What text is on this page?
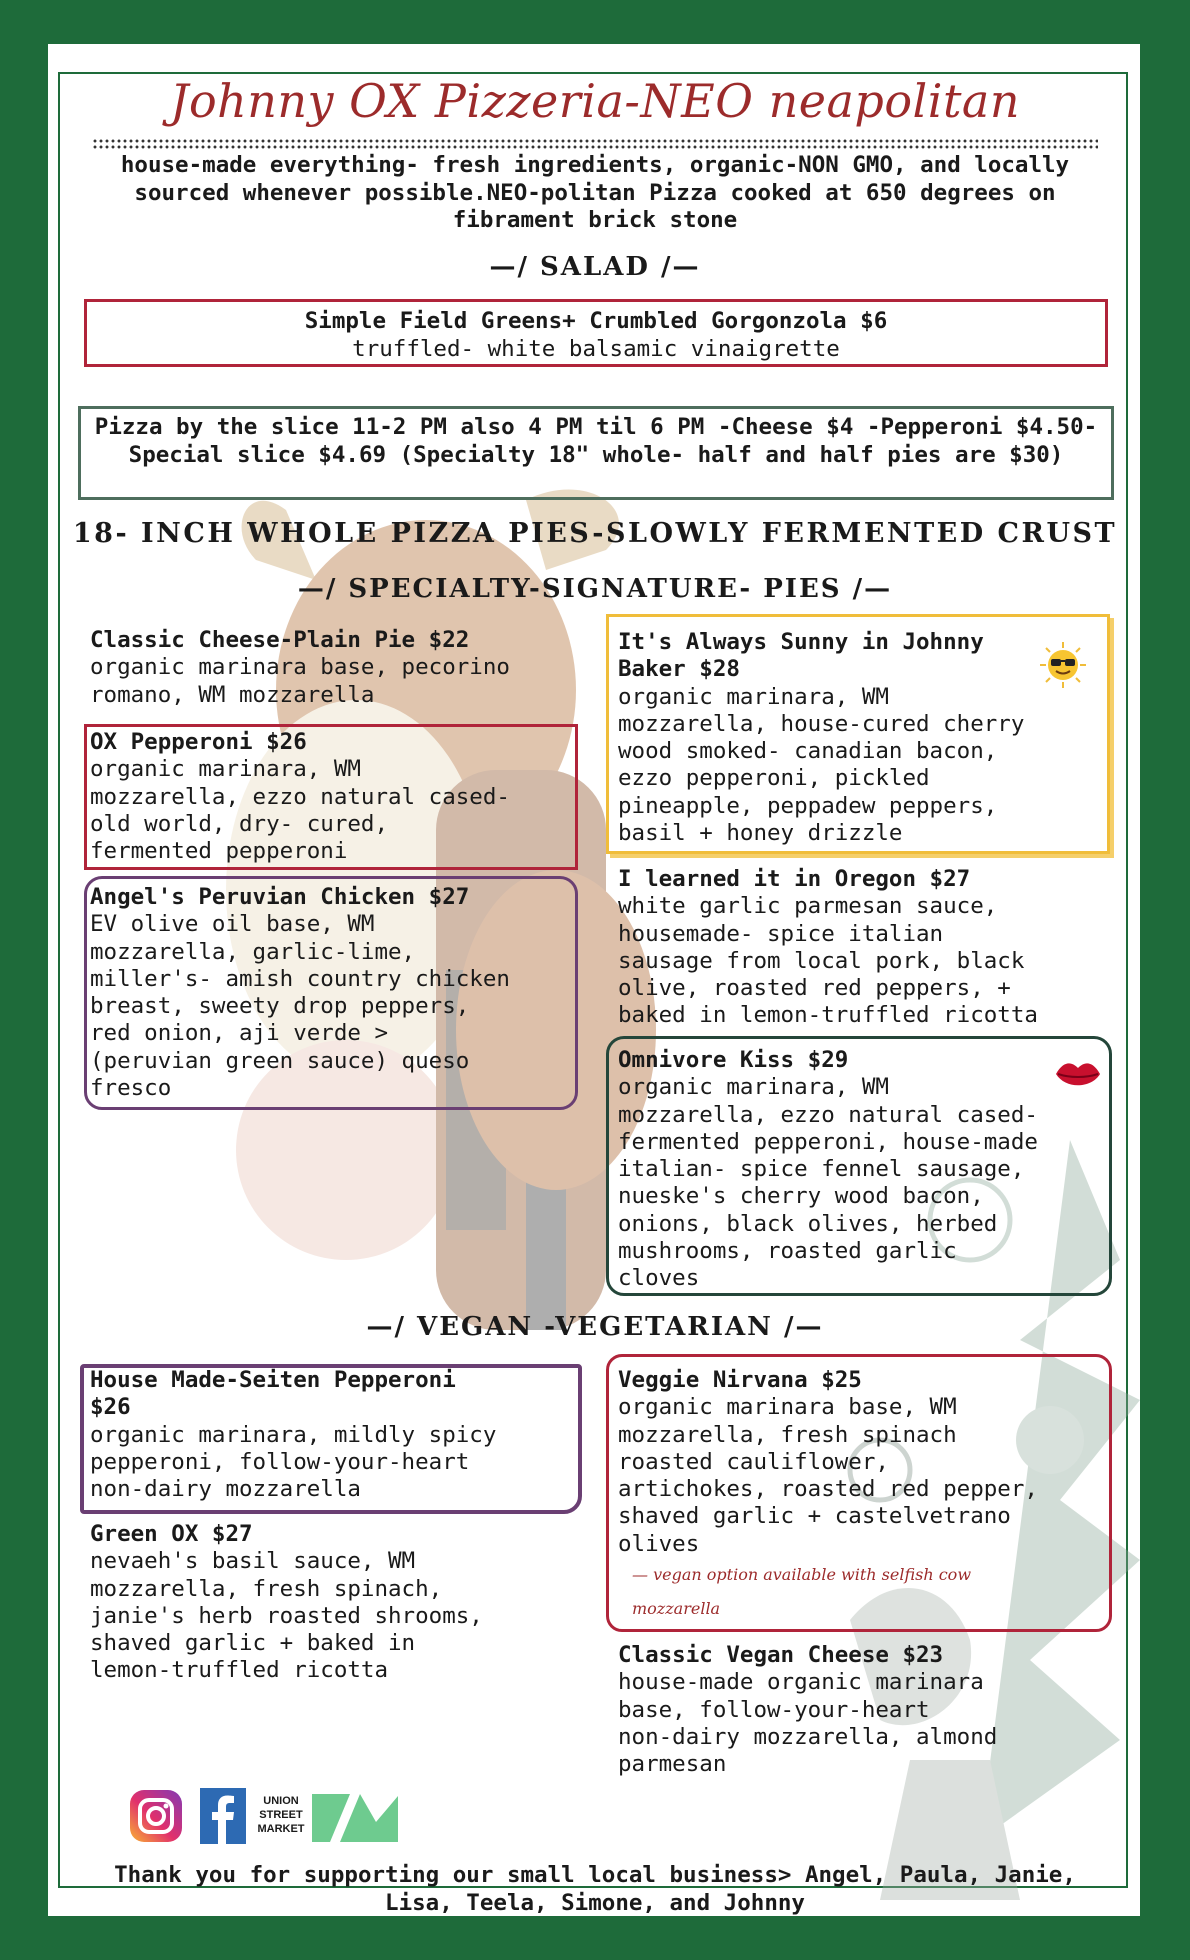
Johnny OX Pizzeria-NEO neapolitan
house-made everything- fresh ingredients, organic-NON GMO, and locally sourced whenever possible.NEO-politan Pizza cooked at 650 degrees on fibrament brick stone
—/ SALAD /—
Simple Field Greens+ Crumbled Gorgonzola $6
truffled- white balsamic vinaigrette
Pizza by the slice 11-2 PM also 4 PM til 6 PM -Cheese $4 -Pepperoni $4.50- Special slice $4.69 (Specialty 18" whole- half and half pies are $30)
18- INCH WHOLE PIZZA PIES-SLOWLY FERMENTED CRUST
—/ SPECIALTY-SIGNATURE- PIES /—
Classic Cheese-Plain Pie $22
organic marinara base, pecorino
romano, WM mozzarella
OX Pepperoni $26
organic marinara, WM
mozzarella, ezzo natural cased-
old world, dry- cured,
fermented pepperoni
Angel's Peruvian Chicken $27
EV olive oil base, WM
mozzarella, garlic-lime,
miller's- amish country chicken
breast, sweety drop peppers,
red onion, aji verde >
(peruvian green sauce) queso
fresco
It's Always Sunny in Johnny
Baker $28
organic marinara, WM
mozzarella, house-cured cherry
wood smoked- canadian bacon,
ezzo pepperoni, pickled
pineapple, peppadew peppers,
basil + honey drizzle
I learned it in Oregon $27
white garlic parmesan sauce,
housemade- spice italian
sausage from local pork, black
olive, roasted red peppers, +
baked in lemon-truffled ricotta
Omnivore Kiss $29
organic marinara, WM
mozzarella, ezzo natural cased-
fermented pepperoni, house-made
italian- spice fennel sausage,
nueske's cherry wood bacon,
onions, black olives, herbed
mushrooms, roasted garlic
cloves
—/ VEGAN -VEGETARIAN /—
House Made-Seiten Pepperoni
$26
organic marinara, mildly spicy
pepperoni, follow-your-heart
non-dairy mozzarella
Green OX $27
nevaeh's basil sauce, WM
mozzarella, fresh spinach,
janie's herb roasted shrooms,
shaved garlic + baked in
lemon-truffled ricotta
Veggie Nirvana $25
organic marinara base, WM
mozzarella, fresh spinach
roasted cauliflower,
artichokes, roasted red pepper,
shaved garlic + castelvetrano
olives
— vegan option available with selfish cow
mozzarella
Classic Vegan Cheese $23
house-made organic marinara
base, follow-your-heart
non-dairy mozzarella, almond
parmesan
UNION
STREET
MARKET
Thank you for supporting our small local business> Angel, Paula, Janie, Lisa, Teela, Simone, and Johnny
